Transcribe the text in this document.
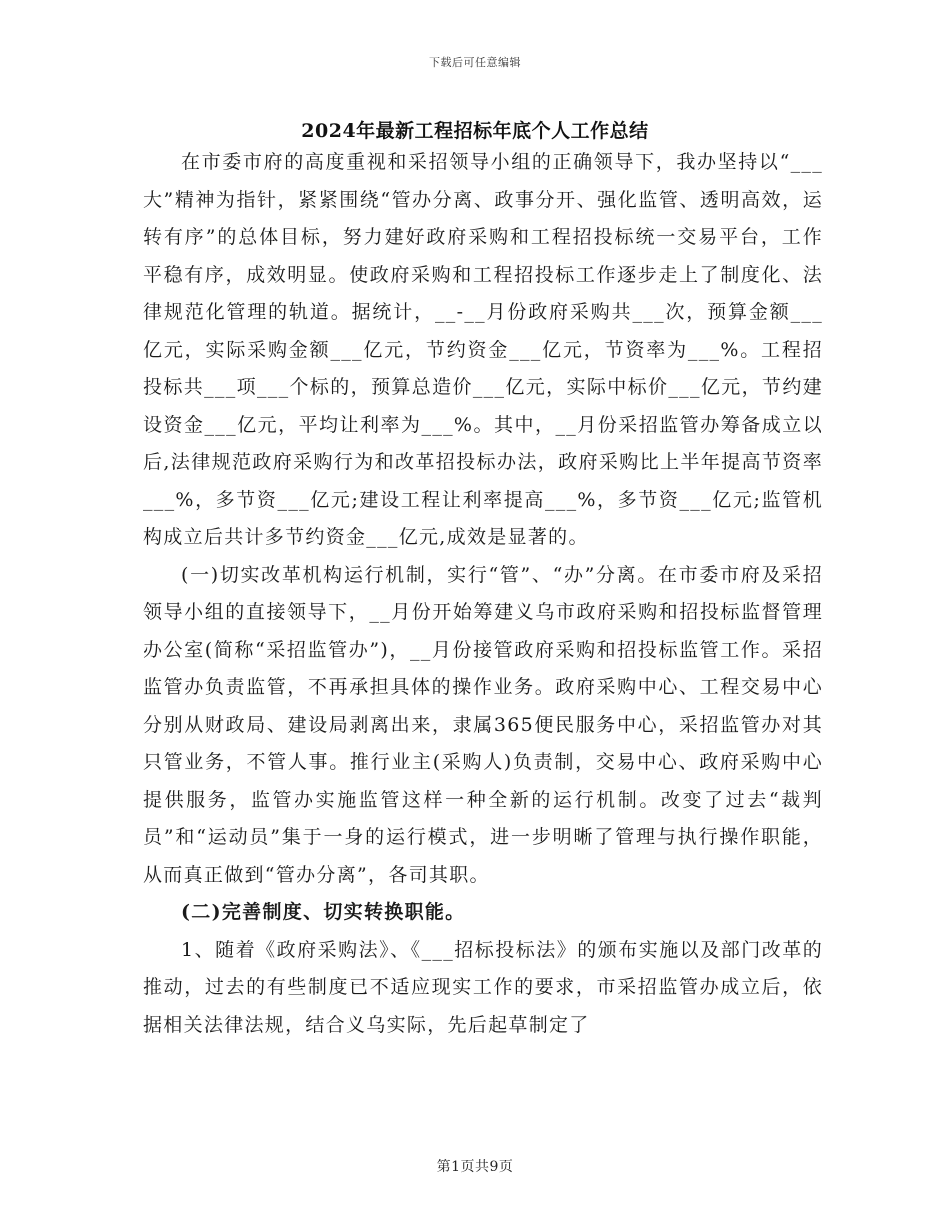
下载后可任意编辑
2024年最新工程招标年底个人工作总结

在市委市府的高度重视和采招领导小组的正确领导下，我办坚持以“___大”精神为指针，紧紧围绕“管办分离、政事分开、强化监管、透明高效，运转有序”的总体目标，努力建好政府采购和工程招投标统一交易平台，工作平稳有序，成效明显。使政府采购和工程招投标工作逐步走上了制度化、法律规范化管理的轨道。据统计，__-__月份政府采购共___次，预算金额___亿元，实际采购金额___亿元，节约资金___亿元，节资率为___%。工程招投标共___项___个标的，预算总造价___亿元，实际中标价___亿元，节约建设资金___亿元，平均让利率为___%。其中，__月份采招监管办筹备成立以后,法律规范政府采购行为和改革招投标办法，政府采购比上半年提高节资率___%，多节资___亿元;建设工程让利率提高___%，多节资___亿元;监管机构成立后共计多节约资金___亿元,成效是显著的。

(一)切实改革机构运行机制，实行“管”、“办”分离。在市委市府及采招领导小组的直接领导下，__月份开始筹建义乌市政府采购和招投标监督管理办公室(简称“采招监管办”)，__月份接管政府采购和招投标监管工作。采招监管办负责监管，不再承担具体的操作业务。政府采购中心、工程交易中心分别从财政局、建设局剥离出来，隶属365便民服务中心，采招监管办对其只管业务，不管人事。推行业主(采购人)负责制，交易中心、政府采购中心提供服务，监管办实施监管这样一种全新的运行机制。改变了过去“裁判员”和“运动员”集于一身的运行模式，进一步明晰了管理与执行操作职能，从而真正做到“管办分离”，各司其职。

(二)完善制度、切实转换职能。

1、随着《政府采购法》、《___招标投标法》的颁布实施以及部门改革的推动，过去的有些制度已不适应现实工作的要求，市采招监管办成立后，依据相关法律法规，结合义乌实际，先后起草制定了

第1页共9页
